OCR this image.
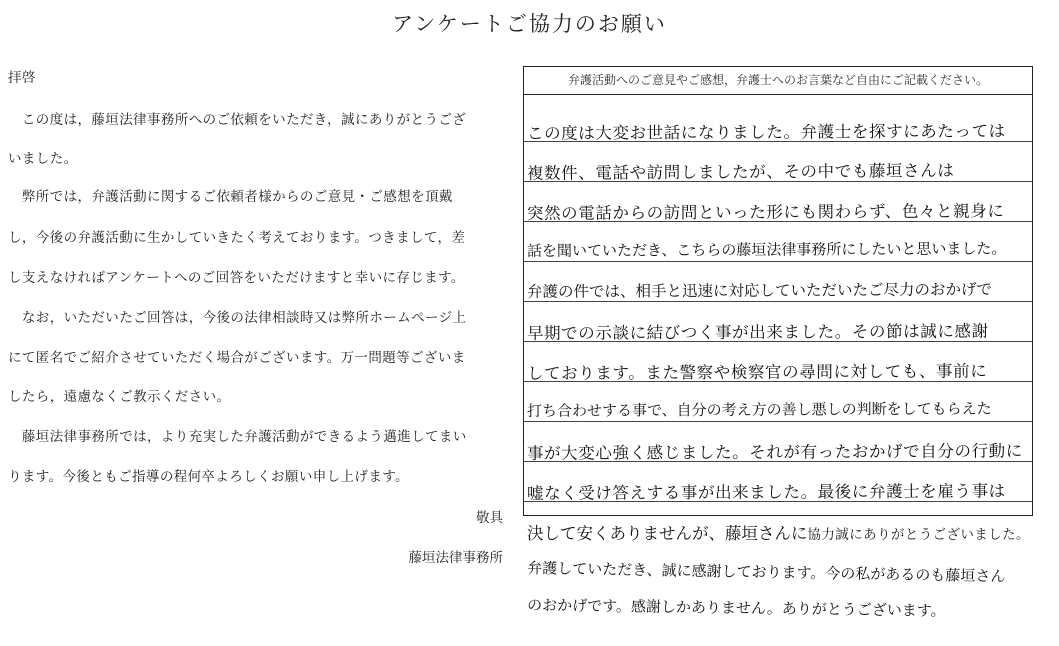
アンケートご協力のお願い
拝啓
　この度は，藤垣法律事務所へのご依頼をいただき，誠にありがとうござ
いました。
　弊所では，弁護活動に関するご依頼者様からのご意見・ご感想を頂戴
し，今後の弁護活動に生かしていきたく考えております。つきまして，差
し支えなければアンケートへのご回答をいただけますと幸いに存じます。
　なお，いただいたご回答は，今後の法律相談時又は弊所ホームページ上
にて匿名でご紹介させていただく場合がございます。万一問題等ございま
したら，遠慮なくご教示ください。
　藤垣法律事務所では，より充実した弁護活動ができるよう邁進してまい
ります。今後ともご指導の程何卒よろしくお願い申し上げます。
敬具
藤垣法律事務所
弁護活動へのご意見やご感想，弁護士へのお言葉など自由にご記載ください。
この度は大変お世話になりました。弁護士を探すにあたっては
複数件、電話や訪問しましたが、その中でも藤垣さんは
突然の電話からの訪問といった形にも関わらず、色々と親身に
話を聞いていただき、こちらの藤垣法律事務所にしたいと思いました。
弁護の件では、相手と迅速に対応していただいたご尽力のおかげで
早期での示談に結びつく事が出来ました。その節は誠に感謝
しております。また警察や検察官の尋問に対しても、事前に
打ち合わせする事で、自分の考え方の善し悪しの判断をしてもらえた
事が大変心強く感じました。それが有ったおかげで自分の行動に
嘘なく受け答えする事が出来ました。最後に弁護士を雇う事は
決して安くありませんが、藤垣さんに協力誠にありがとうございました。
弁護していただき、誠に感謝しております。今の私があるのも藤垣さん
のおかげです。感謝しかありません。ありがとうございます。
